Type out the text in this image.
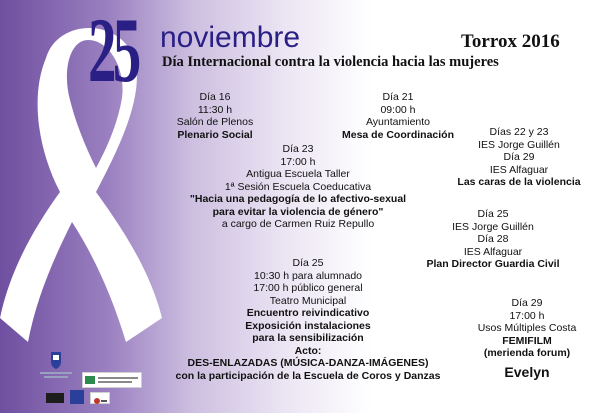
25 noviembre	Torrox 2016
Día Internacional contra la violencia hacia las mujeres
Día 16
11:30 h
Salón de Plenos
Plenario Social
Día 21
09:00 h
Ayuntamiento
Mesa de Coordinación	Días 22 y 23
IES Jorge Guillén
Día 29
IES Alfaguar
Las caras de la violencia
Día 23
17:00 h
Antigua Escuela Taller
1ª Sesión Escuela Coeducativa
"Hacia una pedagogía de lo afectivo-sexual
para evitar la violencia de género"
a cargo de Carmen Ruiz Repullo
Día 25
IES Jorge Guillén
Día 28
IES Alfaguar
Plan Director Guardia Civil
Día 25
10:30 h para alumnado
17:00 h público general
Teatro Municipal
Encuentro reivindicativo
Exposición instalaciones
para la sensibilización
Acto:
DES-ENLAZADAS (MÚSICA-DANZA-IMÁGENES)
con la participación de la Escuela de Coros y Danzas
Día 29
17:00 h
Usos Múltiples Costa
FEMIFILM
(merienda forum)
Evelyn
